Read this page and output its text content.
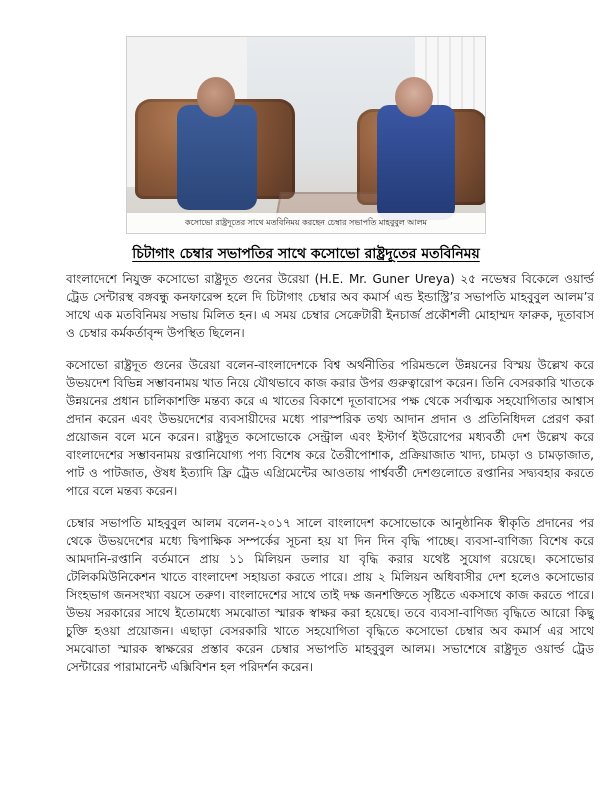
কসোভো রাষ্ট্রদূতের সাথে মতবিনিময় করছেন চেম্বার সভাপতি মাহবুবুল আলম
চিটাগাং চেম্বার সভাপতির সাথে কসোভো রাষ্ট্রদূতের মতবিনিময়

বাংলাদেশে নিযুক্ত কসোভো রাষ্ট্রদূত গুনের উরেয়া (H.E. Mr. Guner Ureya) ২৫ নভেম্বর বিকেলে ওয়ার্ল্ড ট্রেড সেন্টারস্থ বঙ্গবন্ধু কনফারেন্স হলে দি চিটাগাং চেম্বার অব কমার্স এন্ড ইন্ডাস্ট্রি’র সভাপতি মাহবুবুল আলম’র সাথে এক মতবিনিময় সভায় মিলিত হন। এ সময় চেম্বার সেক্রেটারী ইনচার্জ প্রকৌশলী মোহাম্মদ ফারুক, দূতাবাস ও চেম্বার কর্মকর্তাবৃন্দ উপস্থিত ছিলেন।

কসোভো রাষ্ট্রদূত গুনের উরেয়া বলেন-বাংলাদেশকে বিশ্ব অর্থনীতির পরিমন্ডলে উন্নয়নের বিস্ময় উল্লেখ করে উভয়দেশ বিভিন্ন সম্ভাবনাময় খাত নিয়ে যৌথভাবে কাজ করার উপর গুরুত্বারোপ করেন। তিনি বেসরকারি খাতকে উন্নয়নের প্রধান চালিকাশক্তি মন্তব্য করে এ খাতের বিকাশে দূতাবাসের পক্ষ থেকে সর্বাত্মক সহযোগিতার আশ্বাস প্রদান করেন এবং উভয়দেশের ব্যবসায়ীদের মধ্যে পারস্পরিক তথ্য আদান প্রদান ও প্রতিনিধিদল প্রেরণ করা প্রয়োজন বলে মনে করেন। রাষ্ট্রদূত কসোভোকে সেন্ট্রাল এবং ইস্টার্ণ ইউরোপের মধ্যবর্তী দেশ উল্লেখ করে বাংলাদেশের সম্ভাবনাময় রপ্তানিযোগ্য পণ্য বিশেষ করে তৈরীপোশাক, প্রক্রিয়াজাত খাদ্য, চামড়া ও চামড়াজাত, পাট ও পাটজাত, ঔষধ ইত্যাদি ফ্রি ট্রেড এগ্রিমেন্টের আওতায় পার্শ্ববর্তী দেশগুলোতে রপ্তানির সদ্ব্যবহার করতে পারে বলে মন্তব্য করেন।

চেম্বার সভাপতি মাহবুবুল আলম বলেন-২০১৭ সালে বাংলাদেশ কসোভোকে আনুষ্ঠানিক স্বীকৃতি প্রদানের পর থেকে উভয়দেশের মধ্যে দ্বিপাক্ষিক সম্পর্কের সূচনা হয় যা দিন দিন বৃদ্ধি পাচ্ছে। ব্যবসা-বাণিজ্য বিশেষ করে আমদানি-রপ্তানি বর্তমানে প্রায় ১১ মিলিয়ন ডলার যা বৃদ্ধি করার যথেষ্ট সুযোগ রয়েছে। কসোভোর টেলিকমিউনিকেশন খাতে বাংলাদেশ সহায়তা করতে পারে। প্রায় ২ মিলিয়ন অধিবাসীর দেশ হলেও কসোভোর সিংহভাগ জনসংখ্যা বয়সে তরুণ। বাংলাদেশের সাথে তাই দক্ষ জনশক্তিতে সৃষ্টিতে একসাথে কাজ করতে পারে। উভয় সরকারের সাথে ইতোমধ্যে সমঝোতা স্মারক স্বাক্ষর করা হয়েছে। তবে ব্যবসা-বাণিজ্য বৃদ্ধিতে আরো কিছু চুক্তি হওয়া প্রয়োজন। এছাড়া বেসরকারি খাতে সহযোগিতা বৃদ্ধিতে কসোভো চেম্বার অব কমার্স এর সাথে সমঝোতা স্মারক স্বাক্ষরের প্রস্তাব করেন চেম্বার সভাপতি মাহবুবুল আলম। সভাশেষে রাষ্ট্রদূত ওয়ার্ল্ড ট্রেড সেন্টারের পারামানেন্ট এক্সিবিশন হল পরিদর্শন করেন।
